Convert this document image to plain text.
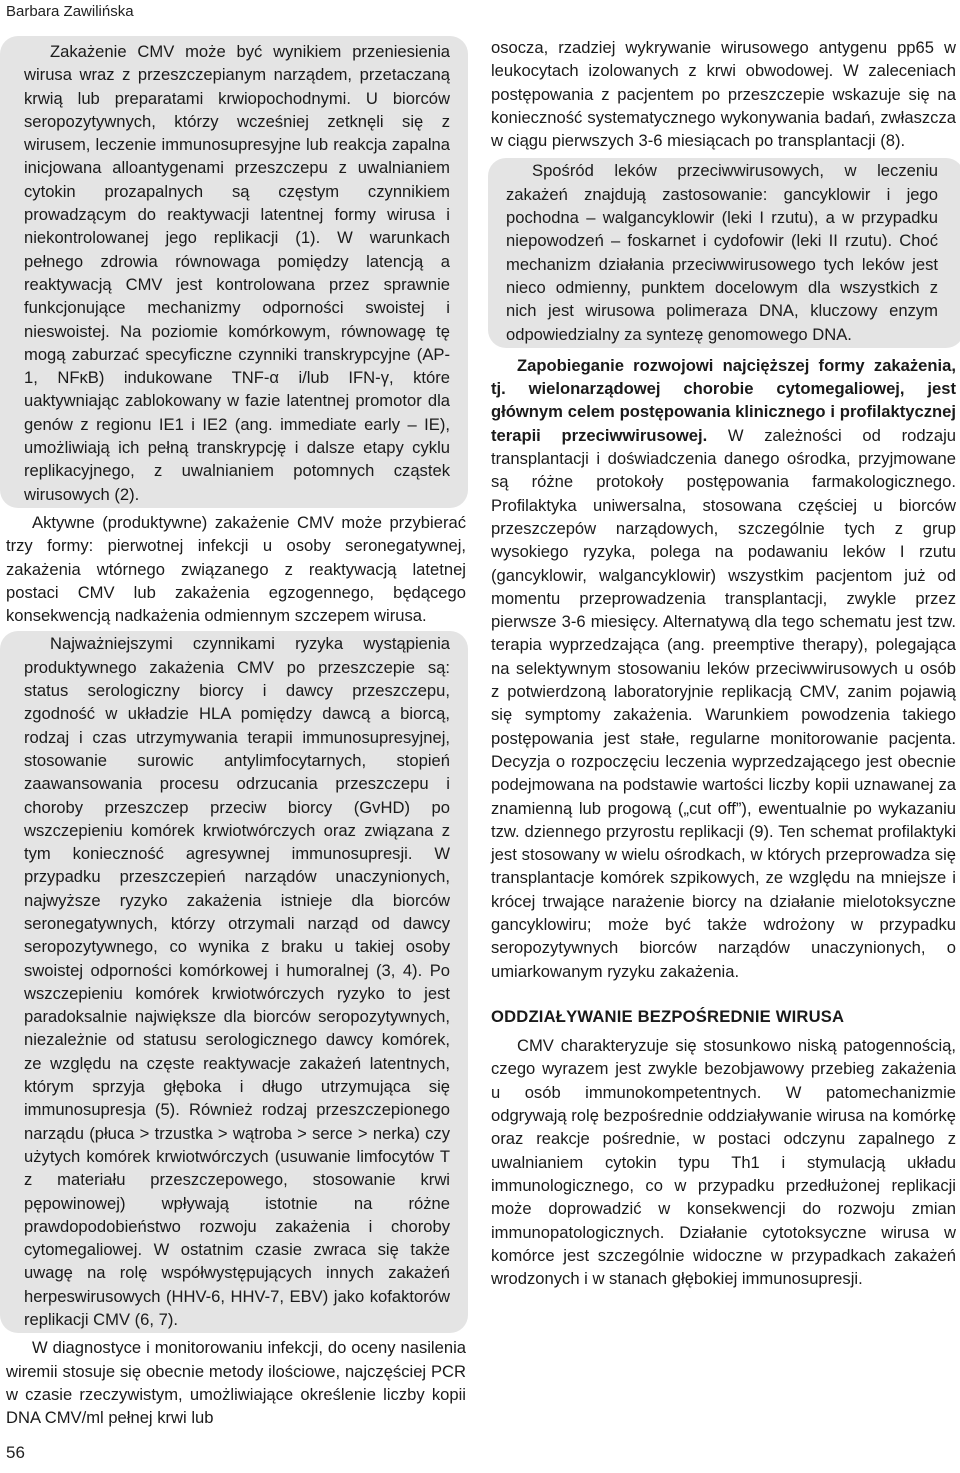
Barbara Zawilińska

Zakażenie CMV może być wynikiem przeniesienia wirusa wraz z przeszczepianym narządem, przetaczaną krwią lub preparatami krwiopochodnymi. U biorców seropozytywnych, którzy wcześniej zetknęli się z wirusem, leczenie immunosupresyjne lub reakcja zapalna inicjowana alloantygenami przeszczepu z uwalnianiem cytokin prozapalnych są częstym czynnikiem prowadzącym do reaktywacji latentnej formy wirusa i niekontrolowanej jego replikacji (1). W warunkach pełnego zdrowia równowaga pomiędzy latencją a reaktywacją CMV jest kontrolowana przez sprawnie funkcjonujące mechanizmy odporności swoistej i nieswoistej. Na poziomie komórkowym, równowagę tę mogą zaburzać specyficzne czynniki transkrypcyjne (AP-1, NFκB) indukowane TNF-α i/lub IFN-γ, które uaktywniając zablokowany w fazie latentnej promotor dla genów z regionu IE1 i IE2 (ang. immediate early – IE), umożliwiają ich pełną transkrypcję i dalsze etapy cyklu replikacyjnego, z uwalnianiem potomnych cząstek wirusowych (2).

Aktywne (produktywne) zakażenie CMV może przybierać trzy formy: pierwotnej infekcji u osoby seronegatywnej, zakażenia wtórnego związanego z reaktywacją latetnej postaci CMV lub zakażenia egzogennego, będącego konsekwencją nadkażenia odmiennym szczepem wirusa.

Najważniejszymi czynnikami ryzyka wystąpienia produktywnego zakażenia CMV po przeszczepie są: status serologiczny biorcy i dawcy przeszczepu, zgodność w układzie HLA pomiędzy dawcą a biorcą, rodzaj i czas utrzymywania terapii immunosupresyjnej, stosowanie surowic antylimfocytarnych, stopień zaawansowania procesu odrzucania przeszczepu i choroby przeszczep przeciw biorcy (GvHD) po wszczepieniu komórek krwiotwórczych oraz związana z tym konieczność agresywnej immunosupresji. W przypadku przeszczepień narządów unaczynionych, najwyższe ryzyko zakażenia istnieje dla biorców seronegatywnych, którzy otrzymali narząd od dawcy seropozytywnego, co wynika z braku u takiej osoby swoistej odporności komórkowej i humoralnej (3, 4). Po wszczepieniu komórek krwiotwórczych ryzyko to jest paradoksalnie największe dla biorców seropozytywnych, niezależnie od statusu serologicznego dawcy komórek, ze względu na częste reaktywacje zakażeń latentnych, którym sprzyja głęboka i długo utrzymująca się immunosupresja (5). Również rodzaj przeszczepionego narządu (płuca > trzustka > wątroba > serce > nerka) czy użytych komórek krwiotwórczych (usuwanie limfocytów T z materiału przeszczepowego, stosowanie krwi pępowinowej) wpływają istotnie na różne prawdopodobieństwo rozwoju zakażenia i choroby cytomegaliowej. W ostatnim czasie zwraca się także uwagę na rolę współwystępujących innych zakażeń herpeswirusowych (HHV-6, HHV-7, EBV) jako kofaktorów replikacji CMV (6, 7).

W diagnostyce i monitorowaniu infekcji, do oceny nasilenia wiremii stosuje się obecnie metody ilościowe, najczęściej PCR w czasie rzeczywistym, umożliwiające określenie liczby kopii DNA CMV/ml pełnej krwi lub

osocza, rzadziej wykrywanie wirusowego antygenu pp65 w leukocytach izolowanych z krwi obwodowej. W zaleceniach postępowania z pacjentem po przeszczepie wskazuje się na konieczność systematycznego wykonywania badań, zwłaszcza w ciągu pierwszych 3-6 miesiącach po transplantacji (8).

Spośród leków przeciwwirusowych, w leczeniu zakażeń znajdują zastosowanie: gancyklowir i jego pochodna – walgancyklowir (leki I rzutu), a w przypadku niepowodzeń – foskarnet i cydofowir (leki II rzutu). Choć mechanizm działania przeciwwirusowego tych leków jest nieco odmienny, punktem docelowym dla wszystkich z nich jest wirusowa polimeraza DNA, kluczowy enzym odpowiedzialny za syntezę genomowego DNA.

Zapobieganie rozwojowi najcięższej formy zakażenia, tj. wielonarządowej chorobie cytomegaliowej, jest głównym celem postępowania klinicznego i profilaktycznej terapii przeciwwirusowej. W zależności od rodzaju transplantacji i doświadczenia danego ośrodka, przyjmowane są różne protokoły postępowania farmakologicznego. Profilaktyka uniwersalna, stosowana częściej u biorców przeszczepów narządowych, szczególnie tych z grup wysokiego ryzyka, polega na podawaniu leków I rzutu (gancyklowir, walgancyklowir) wszystkim pacjentom już od momentu przeprowadzenia transplantacji, zwykle przez pierwsze 3-6 miesięcy. Alternatywą dla tego schematu jest tzw. terapia wyprzedzająca (ang. preemptive therapy), polegająca na selektywnym stosowaniu leków przeciwwirusowych u osób z potwierdzoną laboratoryjnie replikacją CMV, zanim pojawią się symptomy zakażenia. Warunkiem powodzenia takiego postępowania jest stałe, regularne monitorowanie pacjenta. Decyzja o rozpoczęciu leczenia wyprzedzającego jest obecnie podejmowana na podstawie wartości liczby kopii uznawanej za znamienną lub progową („cut off”), ewentualnie po wykazaniu tzw. dziennego przyrostu replikacji (9). Ten schemat profilaktyki jest stosowany w wielu ośrodkach, w których przeprowadza się transplantacje komórek szpikowych, ze względu na mniejsze i krócej trwające narażenie biorcy na działanie mielotoksyczne gancyklowiru; może być także wdrożony w przypadku seropozytywnych biorców narządów unaczynionych, o umiarkowanym ryzyku zakażenia.

ODDZIAŁYWANIE BEZPOŚREDNIE WIRUSA

CMV charakteryzuje się stosunkowo niską patogennością, czego wyrazem jest zwykle bezobjawowy przebieg zakażenia u osób immunokompetentnych. W patomechanizmie odgrywają rolę bezpośrednie oddziaływanie wirusa na komórkę oraz reakcje pośrednie, w postaci odczynu zapalnego z uwalnianiem cytokin typu Th1 i stymulacją układu immunologicznego, co w przypadku przedłużonej replikacji może doprowadzić w konsekwencji do rozwoju zmian immunopatologicznych. Działanie cytotoksyczne wirusa w komórce jest szczególnie widoczne w przypadkach zakażeń wrodzonych i w stanach głębokiej immunosupresji.

56
